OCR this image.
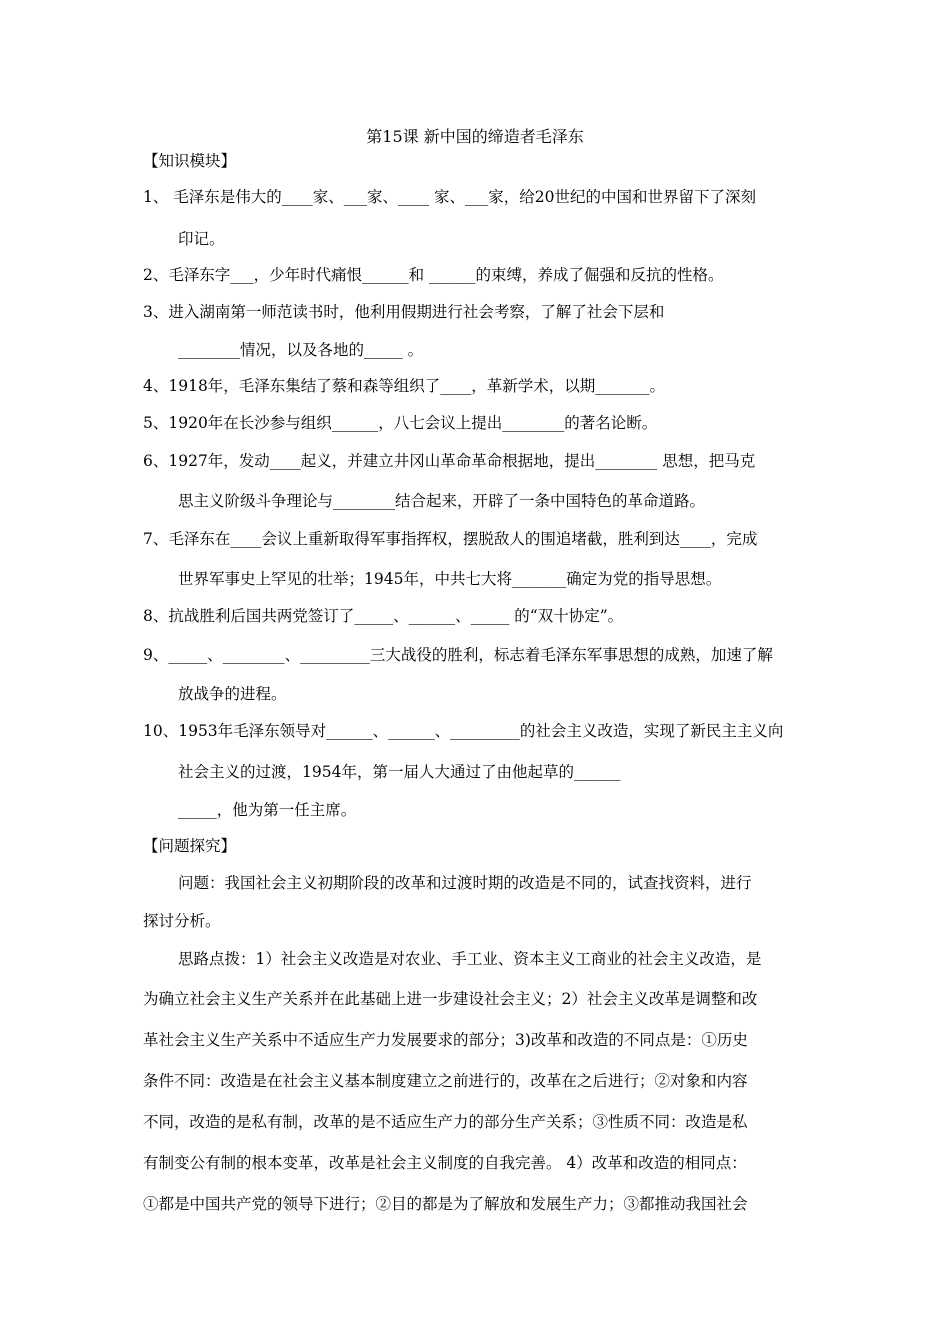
第15课 新中国的缔造者毛泽东
【知识模块】
1、 毛泽东是伟大的____家、___家、____ 家、___家，给20世纪的中国和世界留下了深刻
印记。
2、毛泽东字___，少年时代痛恨______和 ______的束缚，养成了倔强和反抗的性格。
3、进入湖南第一师范读书时，他利用假期进行社会考察，了解了社会下层和
________情况，以及各地的_____ 。
4、1918年，毛泽东集结了蔡和森等组织了____，革新学术，以期_______。
5、1920年在长沙参与组织______，八七会议上提出________的著名论断。
6、1927年，发动____起义，并建立井冈山革命革命根据地，提出________ 思想，把马克
思主义阶级斗争理论与________结合起来，开辟了一条中国特色的革命道路。
7、毛泽东在____会议上重新取得军事指挥权，摆脱敌人的围追堵截，胜利到达____，完成
世界军事史上罕见的壮举；1945年，中共七大将_______确定为党的指导思想。
8、抗战胜利后国共两党签订了_____、______、_____ 的“双十协定”。
9、_____、________、_________三大战役的胜利，标志着毛泽东军事思想的成熟，加速了解
放战争的进程。
10、1953年毛泽东领导对______、______、_________的社会主义改造，实现了新民主主义向
社会主义的过渡，1954年，第一届人大通过了由他起草的______
_____，他为第一任主席。
【问题探究】
问题：我国社会主义初期阶段的改革和过渡时期的改造是不同的，试查找资料，进行
探讨分析。
思路点拨：1）社会主义改造是对农业、手工业、资本主义工商业的社会主义改造，是
为确立社会主义生产关系并在此基础上进一步建设社会主义；2）社会主义改革是调整和改
革社会主义生产关系中不适应生产力发展要求的部分；3)改革和改造的不同点是：①历史
条件不同：改造是在社会主义基本制度建立之前进行的，改革在之后进行；②对象和内容
不同，改造的是私有制，改革的是不适应生产力的部分生产关系；③性质不同：改造是私
有制变公有制的根本变革，改革是社会主义制度的自我完善。 4）改革和改造的相同点：
①都是中国共产党的领导下进行；②目的都是为了解放和发展生产力；③都推动我国社会
